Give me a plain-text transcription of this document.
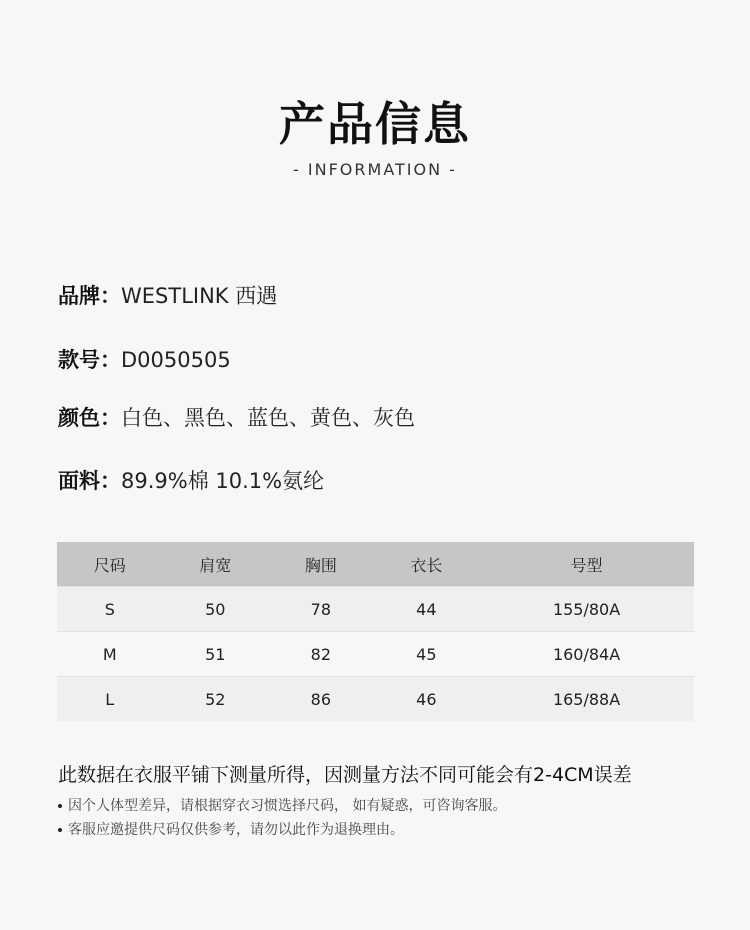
产品信息
- INFORMATION -
品牌：WESTLINK 西遇
款号：D0050505
颜色：白色、黑色、蓝色、黄色、灰色
面料：89.9%棉 10.1%氨纶
尺码	肩宽	胸围	衣长	号型
S	50	78	44	155/80A
M	51	82	45	160/84A
L	52	86	46	165/88A
此数据在衣服平铺下测量所得，因测量方法不同可能会有2-4CM误差
因个人体型差异，请根据穿衣习惯选择尺码， 如有疑惑，可咨询客服。
客服应邀提供尺码仅供参考，请勿以此作为退换理由。
